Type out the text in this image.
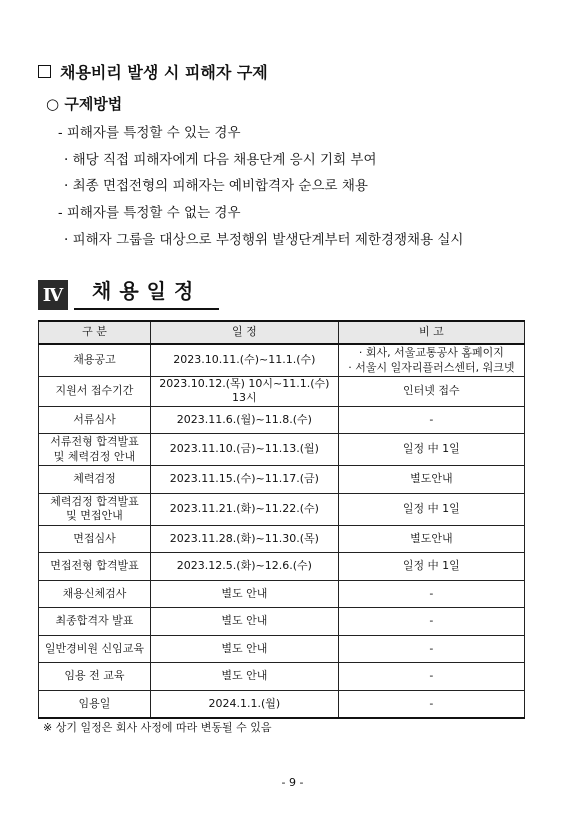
채용비리 발생 시 피해자 구제
○ 구제방법
- 피해자를 특정할 수 있는 경우
· 해당 직접 피해자에게 다음 채용단계 응시 기회 부여
· 최종 면접전형의 피해자는 예비합격자 순으로 채용
- 피해자를 특정할 수 없는 경우
· 피해자 그룹을 대상으로 부정행위 발생단계부터 제한경쟁채용 실시
Ⅳ	채용일정
구 분	일 정	비 고
채용공고	2023.10.11.(수)~11.1.(수)	· 회사, 서울교통공사 홈페이지
· 서울시 일자리플러스센터, 워크넷

지원서 접수기간	2023.10.12.(목) 10시~11.1.(수) 13시	인터넷 접수
서류심사	2023.11.6.(월)~11.8.(수)	-

서류전형 합격발표
및 체력검정 안내	2023.11.10.(금)~11.13.(월)	일정 中 1일
체력검정	2023.11.15.(수)~11.17.(금)	별도안내

체력검정 합격발표
및 면접안내	2023.11.21.(화)~11.22.(수)	일정 中 1일
면접심사	2023.11.28.(화)~11.30.(목)	별도안내
면접전형 합격발표	2023.12.5.(화)~12.6.(수)	일정 中 1일
채용신체검사	별도 안내	-
최종합격자 발표	별도 안내	-
일반경비원 신임교육	별도 안내	-
임용 전 교육	별도 안내	-
임용일	2024.1.1.(월)	-
※ 상기 일정은 회사 사정에 따라 변동될 수 있음
- 9 -
